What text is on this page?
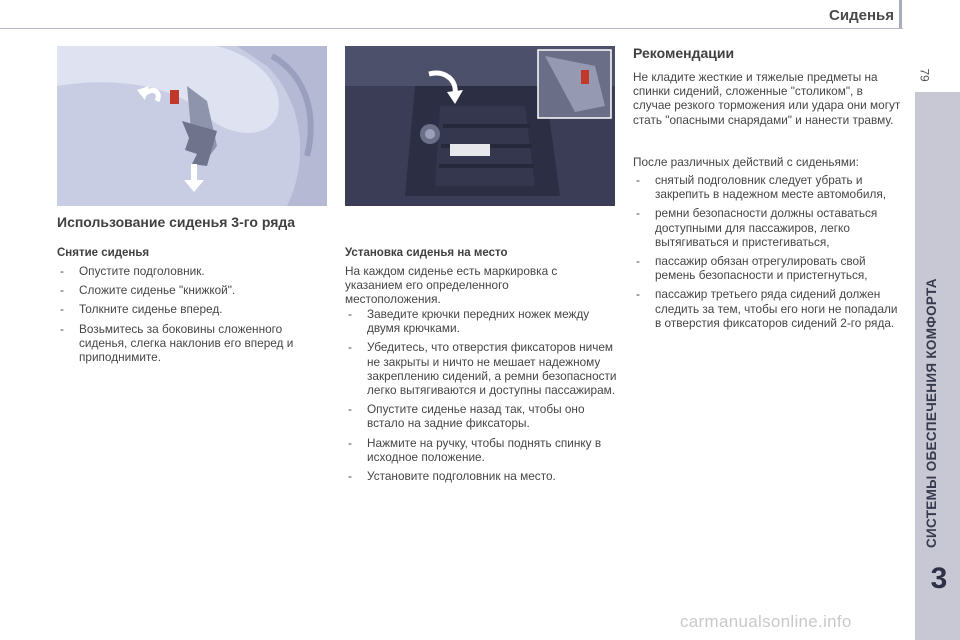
Сиденья
79
СИСТЕМЫ ОБЕСПЕЧЕНИЯ КОМФОРТА
3
Использование сиденья 3-го ряда
Снятие сиденья
- Опустите подголовник.
- Сложите сиденье "книжкой".
- Толкните сиденье вперед.
- Возьмитесь за боковины сложенного сиденья, слегка наклонив его вперед и приподнимите.
Установка сиденья на место

На каждом сиденье есть маркировка с указанием его определенного местоположения.

- Заведите крючки передних ножек между двумя крючками.
- Убедитесь, что отверстия фиксаторов ничем не закрыты и ничто не мешает надежному закреплению сидений, а ремни безопасности легко вытягиваются и доступны пассажирам.
- Опустите сиденье назад так, чтобы оно встало на задние фиксаторы.
- Нажмите на ручку, чтобы поднять спинку в исходное положение.
- Установите подголовник на место.
Рекомендации

Не кладите жесткие и тяжелые предметы на спинки сидений, сложенные "столиком", в случае резкого торможения или удара они могут стать "опасными снарядами" и нанести травму.

После различных действий с сиденьями:

- снятый подголовник следует убрать и закрепить в надежном месте автомобиля,
- ремни безопасности должны оставаться доступными для пассажиров, легко вытягиваться и пристегиваться,
- пассажир обязан отрегулировать свой ремень безопасности и пристегнуться,
- пассажир третьего ряда сидений должен следить за тем, чтобы его ноги не попадали в отверстия фиксаторов сидений 2-го ряда.
carmanualsonline.info
